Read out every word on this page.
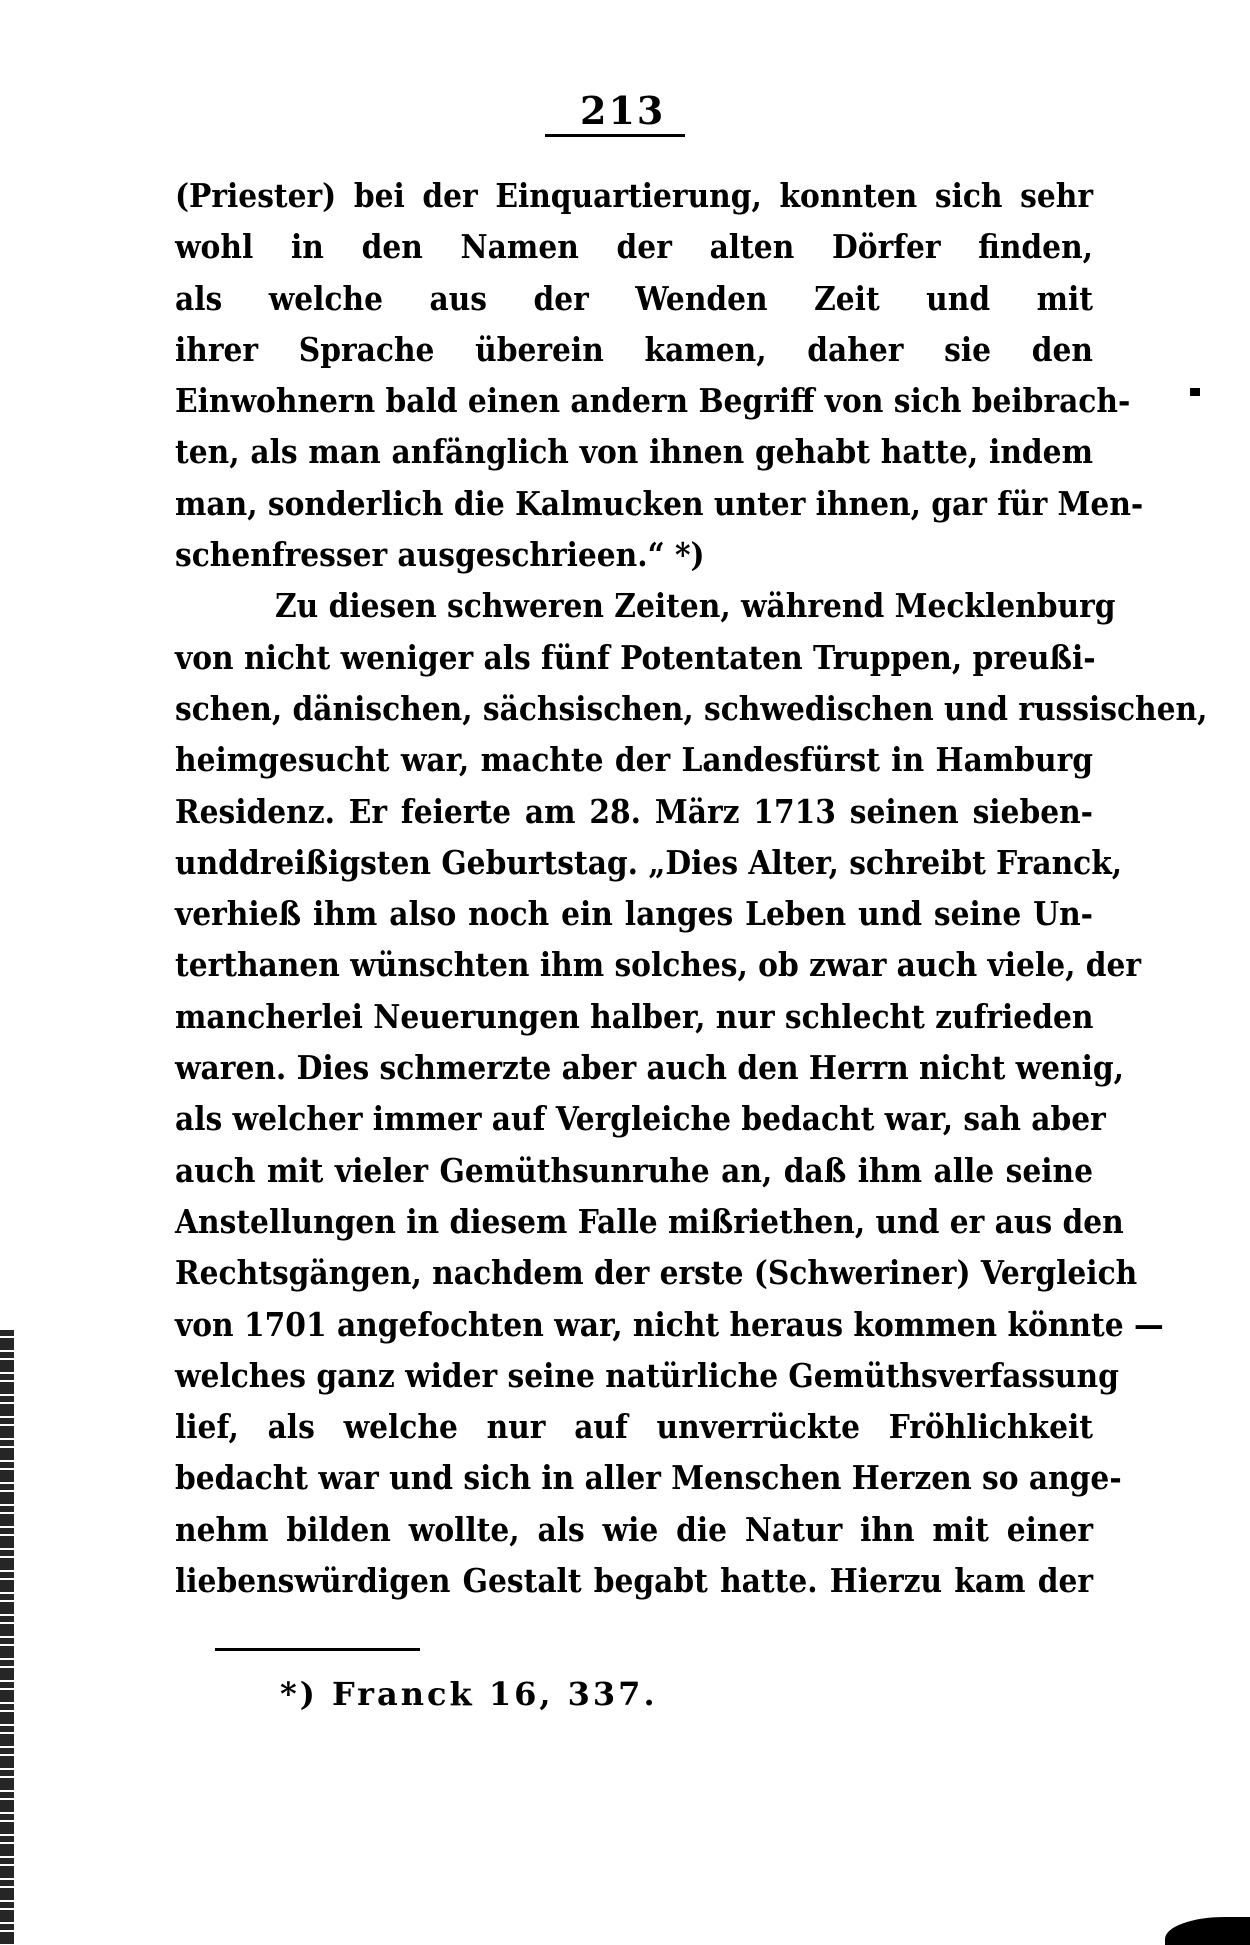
213
(Priester) bei der Einquartierung, konnten sich sehr
wohl in den Namen der alten Dörfer finden,
als welche aus der Wenden Zeit und mit
ihrer Sprache überein kamen, daher sie den
Einwohnern bald einen andern Begriff von sich beibrach-
ten, als man anfänglich von ihnen gehabt hatte, indem
man, sonderlich die Kalmucken unter ihnen, gar für Men-
schenfresser ausgeschrieen.“ *)
Zu diesen schweren Zeiten, während Mecklenburg
von nicht weniger als fünf Potentaten Truppen, preußi-
schen, dänischen, sächsischen, schwedischen und russischen,
heimgesucht war, machte der Landesfürst in Hamburg
Residenz. Er feierte am 28. März 1713 seinen sieben-
unddreißigsten Geburtstag. „Dies Alter, schreibt Franck,
verhieß ihm also noch ein langes Leben und seine Un-
terthanen wünschten ihm solches, ob zwar auch viele, der
mancherlei Neuerungen halber, nur schlecht zufrieden
waren. Dies schmerzte aber auch den Herrn nicht wenig,
als welcher immer auf Vergleiche bedacht war, sah aber
auch mit vieler Gemüthsunruhe an, daß ihm alle seine
Anstellungen in diesem Falle mißriethen, und er aus den
Rechtsgängen, nachdem der erste (Schweriner) Vergleich
von 1701 angefochten war, nicht heraus kommen könnte —
welches ganz wider seine natürliche Gemüthsverfassung
lief, als welche nur auf unverrückte Fröhlichkeit
bedacht war und sich in aller Menschen Herzen so ange-
nehm bilden wollte, als wie die Natur ihn mit einer
liebenswürdigen Gestalt begabt hatte. Hierzu kam der
*) Franck 16, 337.
